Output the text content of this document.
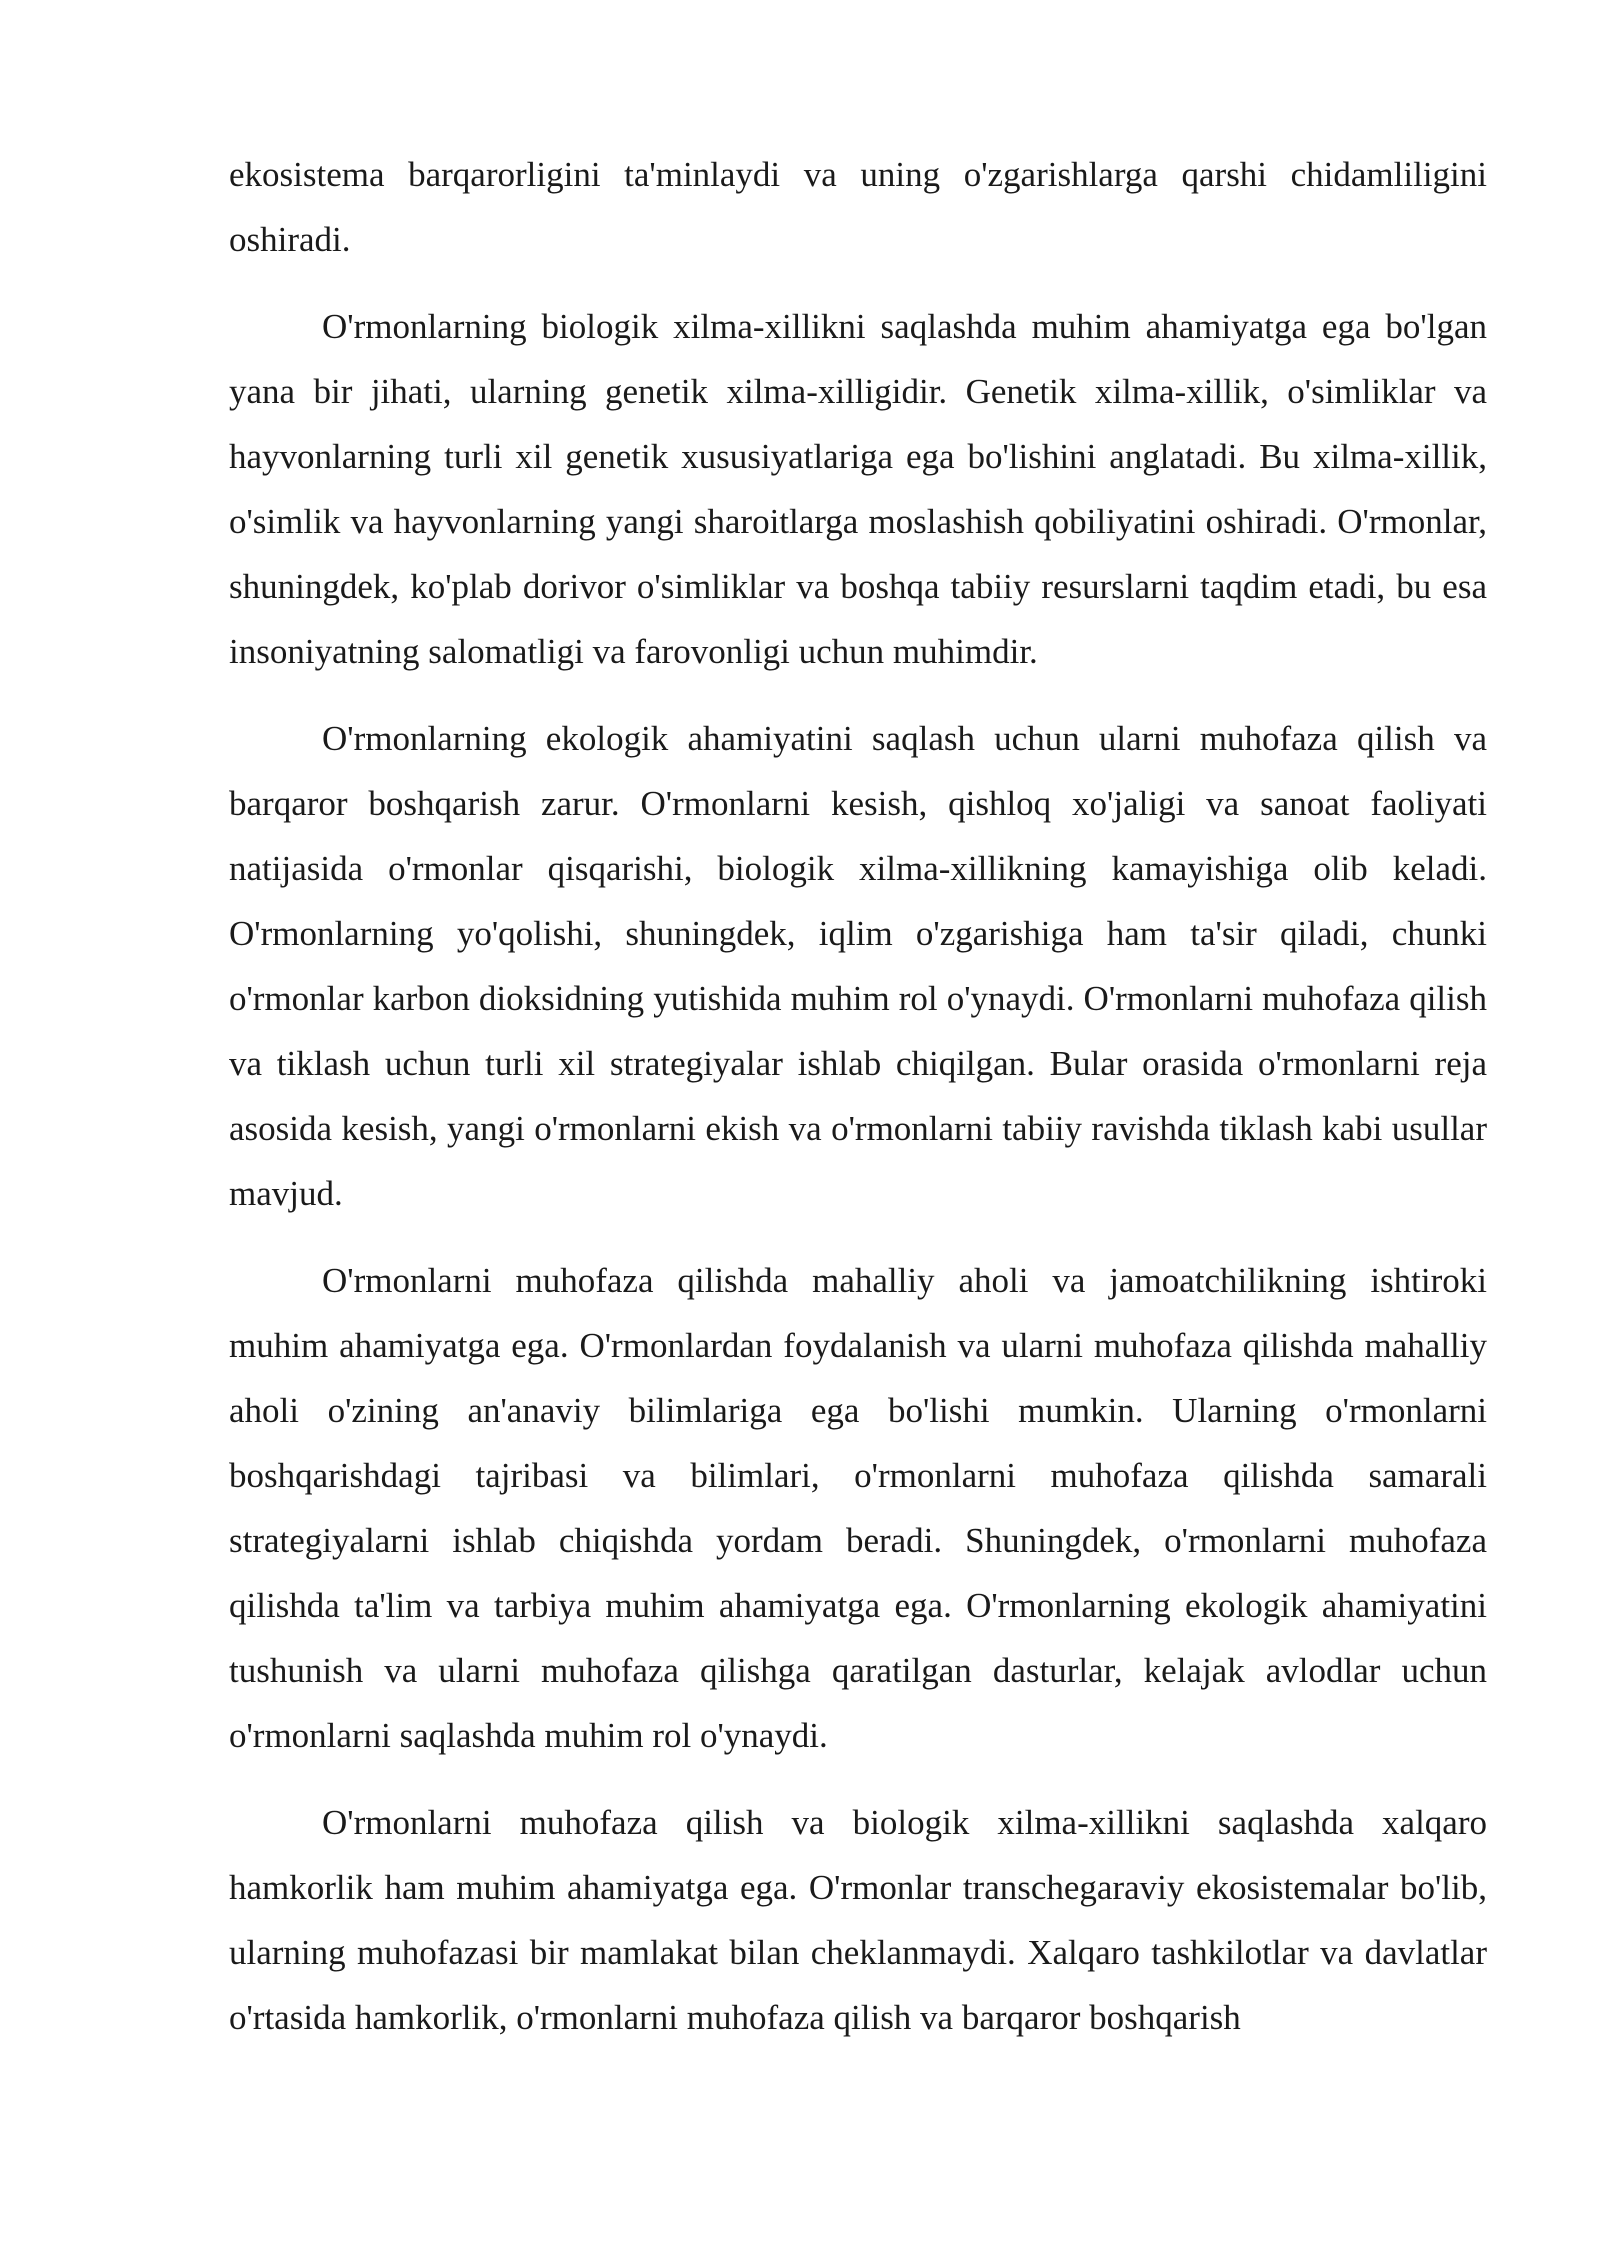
ekosistema barqarorligini ta'minlaydi va uning o'zgarishlarga qarshi chidamliligini oshiradi.

O'rmonlarning biologik xilma-xillikni saqlashda muhim ahamiyatga ega bo'lgan yana bir jihati, ularning genetik xilma-xilligidir. Genetik xilma-xillik, o'simliklar va hayvonlarning turli xil genetik xususiyatlariga ega bo'lishini anglatadi. Bu xilma-xillik, o'simlik va hayvonlarning yangi sharoitlarga moslashish qobiliyatini oshiradi. O'rmonlar, shuningdek, ko'plab dorivor o'simliklar va boshqa tabiiy resurslarni taqdim etadi, bu esa insoniyatning salomatligi va farovonligi uchun muhimdir.

O'rmonlarning ekologik ahamiyatini saqlash uchun ularni muhofaza qilish va barqaror boshqarish zarur. O'rmonlarni kesish, qishloq xo'jaligi va sanoat faoliyati natijasida o'rmonlar qisqarishi, biologik xilma-xillikning kamayishiga olib keladi. O'rmonlarning yo'qolishi, shuningdek, iqlim o'zgarishiga ham ta'sir qiladi, chunki o'rmonlar karbon dioksidning yutishida muhim rol o'ynaydi. O'rmonlarni muhofaza qilish va tiklash uchun turli xil strategiyalar ishlab chiqilgan. Bular orasida o'rmonlarni reja asosida kesish, yangi o'rmonlarni ekish va o'rmonlarni tabiiy ravishda tiklash kabi usullar mavjud.

O'rmonlarni muhofaza qilishda mahalliy aholi va jamoatchilikning ishtiroki muhim ahamiyatga ega. O'rmonlardan foydalanish va ularni muhofaza qilishda mahalliy aholi o'zining an'anaviy bilimlariga ega bo'lishi mumkin. Ularning o'rmonlarni boshqarishdagi tajribasi va bilimlari, o'rmonlarni muhofaza qilishda samarali strategiyalarni ishlab chiqishda yordam beradi. Shuningdek, o'rmonlarni muhofaza qilishda ta'lim va tarbiya muhim ahamiyatga ega. O'rmonlarning ekologik ahamiyatini tushunish va ularni muhofaza qilishga qaratilgan dasturlar, kelajak avlodlar uchun o'rmonlarni saqlashda muhim rol o'ynaydi.

O'rmonlarni muhofaza qilish va biologik xilma-xillikni saqlashda xalqaro hamkorlik ham muhim ahamiyatga ega. O'rmonlar transchegaraviy ekosistemalar bo'lib, ularning muhofazasi bir mamlakat bilan cheklanmaydi. Xalqaro tashkilotlar va davlatlar o'rtasida hamkorlik, o'rmonlarni muhofaza qilish va barqaror boshqarish
